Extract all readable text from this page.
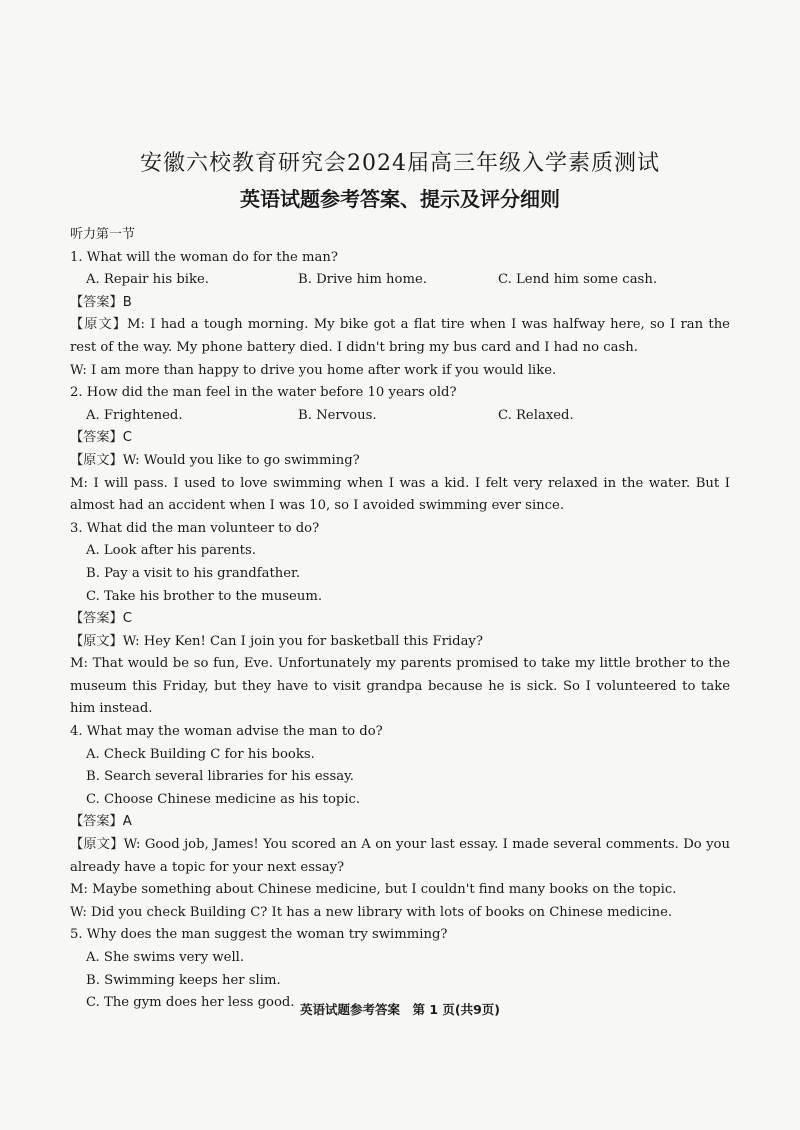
安徽六校教育研究会2024届高三年级入学素质测试
英语试题参考答案、提示及评分细则
听力第一节
1. What will the woman do for the man?
A. Repair his bike.	B. Drive him home.	C. Lend him some cash.
【答案】B
【原文】M: I had a tough morning. My bike got a flat tire when I was halfway here, so I ran the rest of the way. My phone battery died. I didn't bring my bus card and I had no cash.
W: I am more than happy to drive you home after work if you would like.
2. How did the man feel in the water before 10 years old?
A. Frightened.	B. Nervous.	C. Relaxed.
【答案】C
【原文】W: Would you like to go swimming?
M: I will pass. I used to love swimming when I was a kid. I felt very relaxed in the water. But I almost had an accident when I was 10, so I avoided swimming ever since.
3. What did the man volunteer to do?
A. Look after his parents.
B. Pay a visit to his grandfather.
C. Take his brother to the museum.
【答案】C
【原文】W: Hey Ken! Can I join you for basketball this Friday?
M: That would be so fun, Eve. Unfortunately my parents promised to take my little brother to the museum this Friday, but they have to visit grandpa because he is sick. So I volunteered to take him instead.
4. What may the woman advise the man to do?
A. Check Building C for his books.
B. Search several libraries for his essay.
C. Choose Chinese medicine as his topic.
【答案】A
【原文】W: Good job, James! You scored an A on your last essay. I made several comments. Do you already have a topic for your next essay?
M: Maybe something about Chinese medicine, but I couldn't find many books on the topic.
W: Did you check Building C? It has a new library with lots of books on Chinese medicine.
5. Why does the man suggest the woman try swimming?
A. She swims very well.
B. Swimming keeps her slim.
C. The gym does her less good. 英语试题参考答案　第 1 页(共9页)
